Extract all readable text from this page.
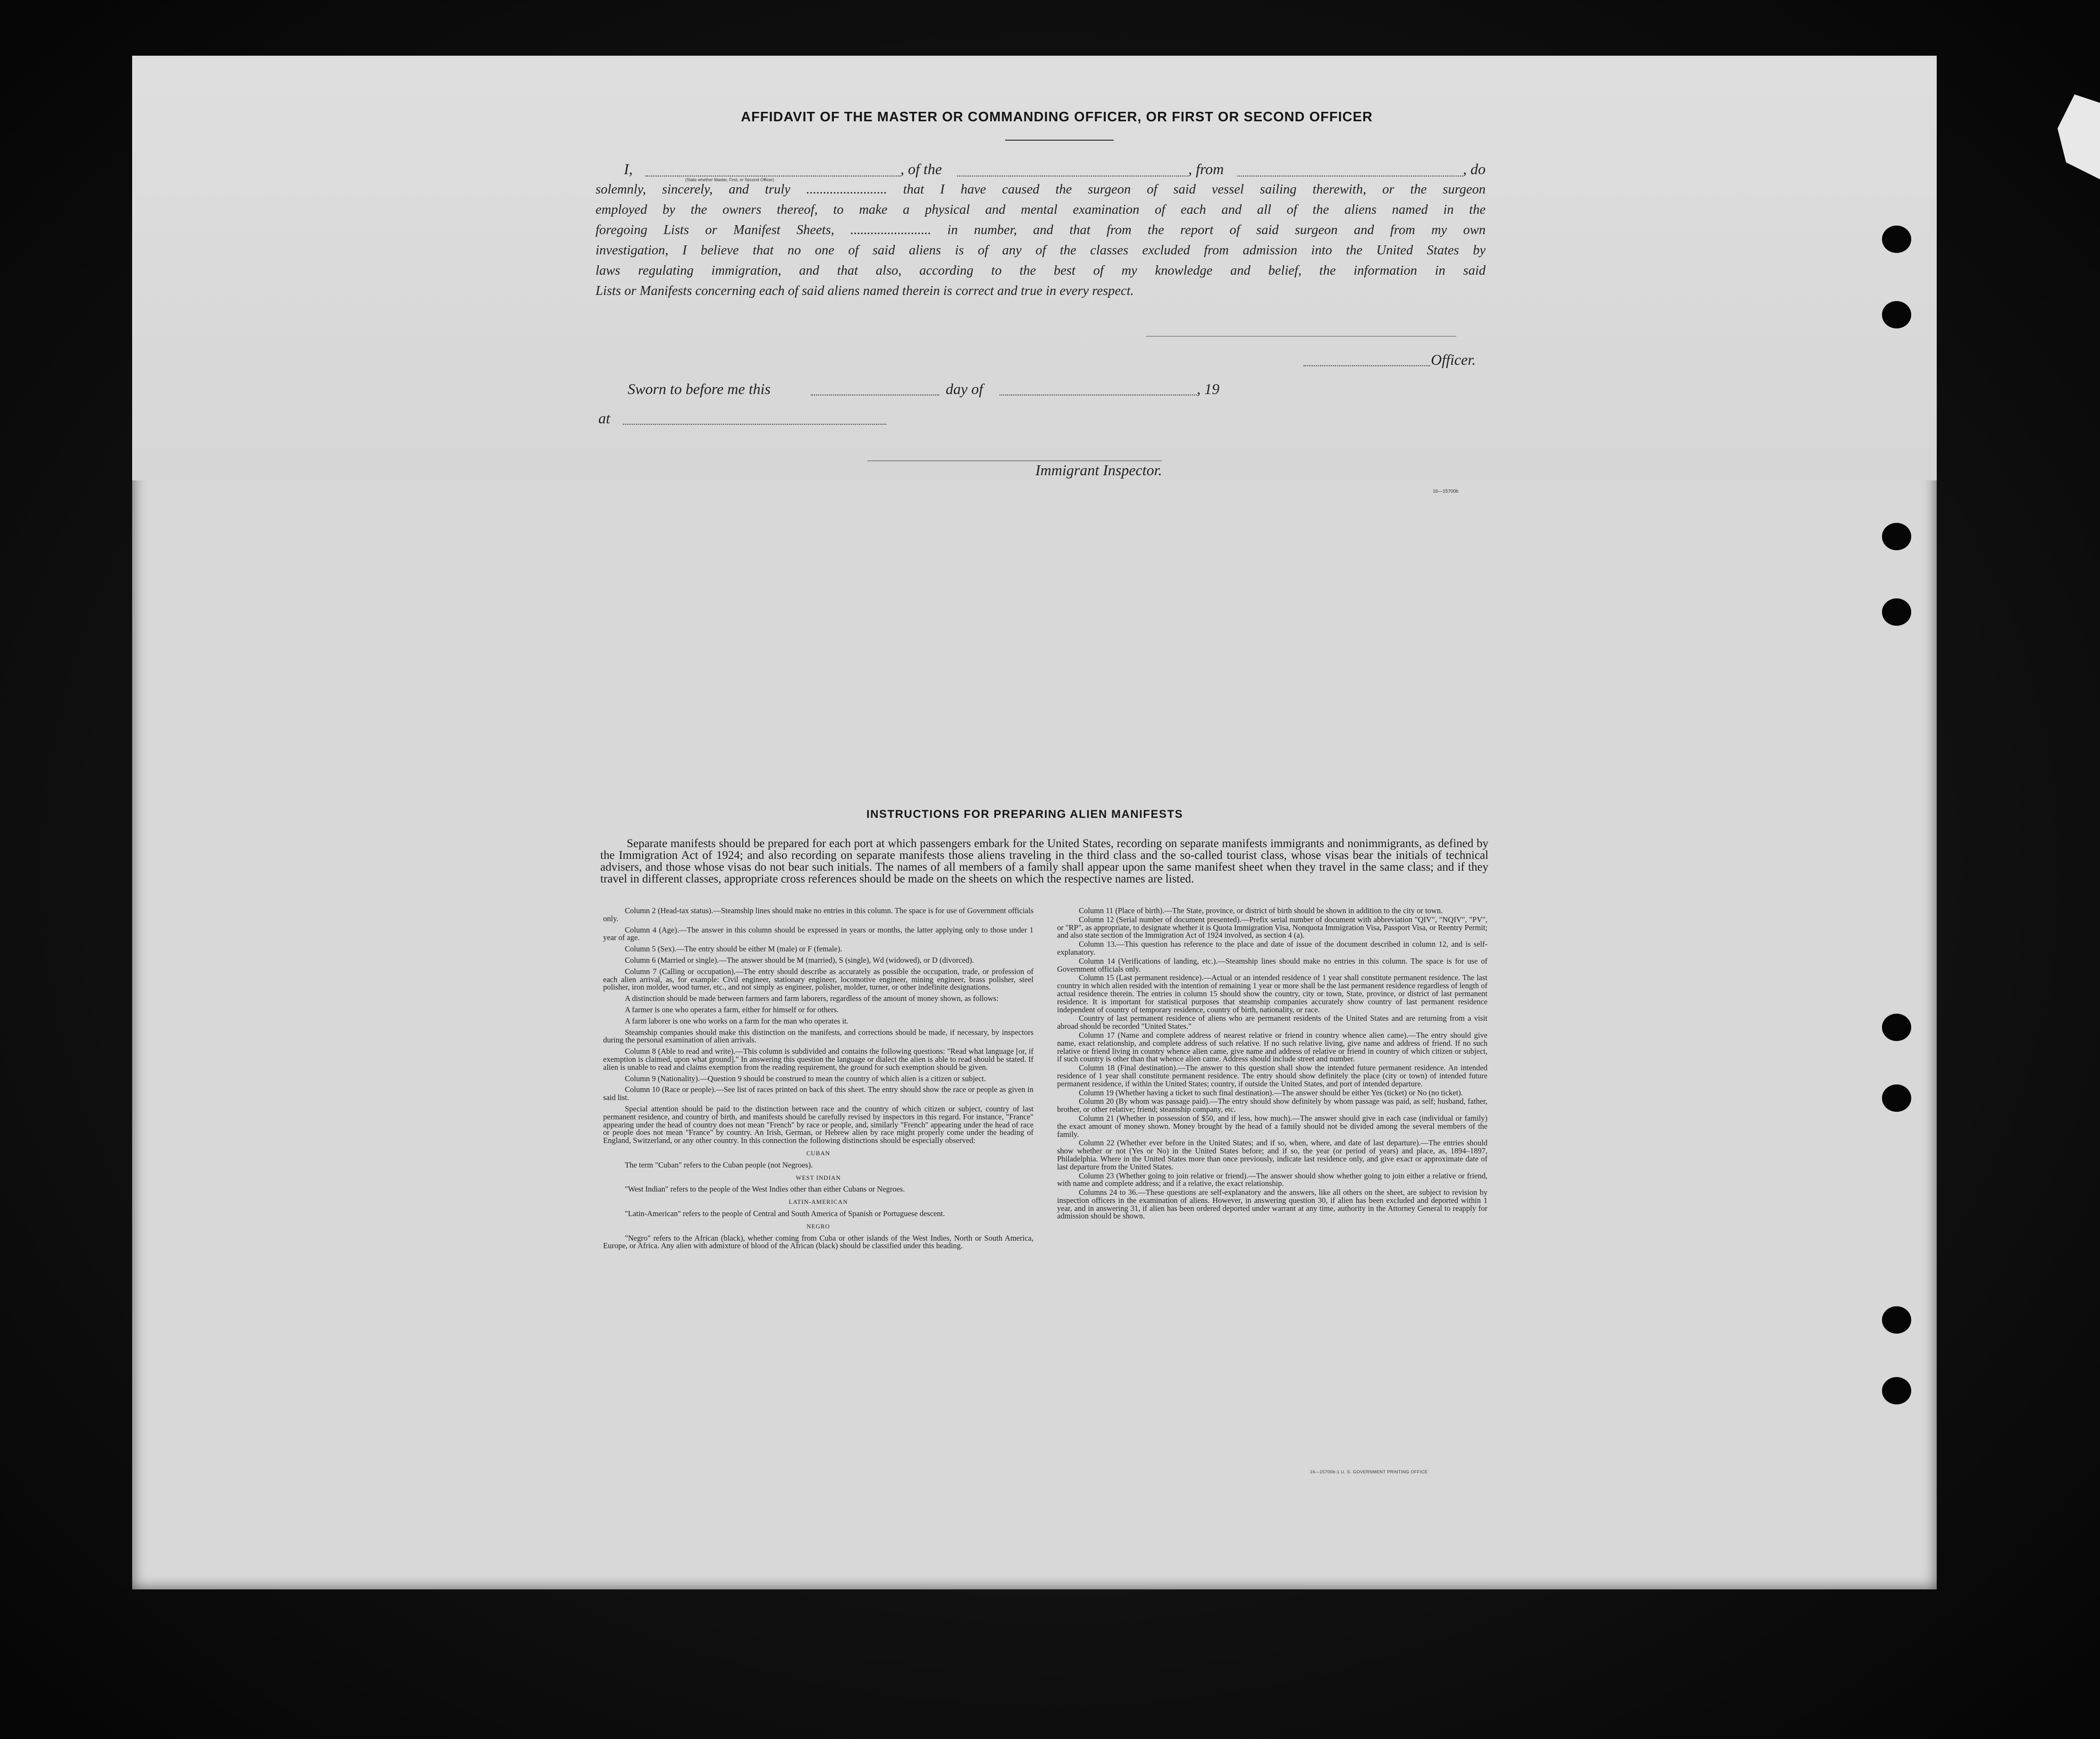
AFFIDAVIT OF THE MASTER OR COMMANDING OFFICER, OR FIRST OR SECOND OFFICER
I,
(State whether Master, First, or Second Officer)
, of the	, from	, do
solemnly, sincerely, and truly ........................ that I have caused the surgeon of said vessel sailing therewith, or the surgeon
employed by the owners thereof, to make a physical and mental examination of each and all of the aliens named in the
foregoing Lists or Manifest Sheets, ........................ in number, and that from the report of said surgeon and from my own
investigation, I believe that no one of said aliens is of any of the classes excluded from admission into the United States by
laws regulating immigration, and that also, according to the best of my knowledge and belief, the information in said
Lists or Manifests concerning each of said aliens named therein is correct and true in every respect.
Officer.
Sworn to before me this	day of	, 19
at
Immigrant Inspector.
16—15700b
INSTRUCTIONS FOR PREPARING ALIEN MANIFESTS
Separate manifests should be prepared for each port at which passengers embark for the United States, recording on separate manifests immigrants and nonimmigrants, as defined by the Immigration Act of 1924; and also recording on separate manifests those aliens traveling in the third class and the so-called tourist class, whose visas bear the initials of technical advisers, and those whose visas do not bear such initials. The names of all members of a family shall appear upon the same manifest sheet when they travel in the same class; and if they travel in different classes, appropriate cross references should be made on the sheets on which the respective names are listed.

Column 2 (Head-tax status).—Steamship lines should make no entries in this column. The space is for use of Government officials only.

Column 4 (Age).—The answer in this column should be expressed in years or months, the latter applying only to those under 1 year of age.

Column 5 (Sex).—The entry should be either M (male) or F (female).

Column 6 (Married or single).—The answer should be M (married), S (single), Wd (widowed), or D (divorced).

Column 7 (Calling or occupation).—The entry should describe as accurately as possible the occupation, trade, or profession of each alien arrival, as, for example: Civil engineer, stationary engineer, locomotive engineer, mining engineer, brass polisher, steel polisher, iron molder, wood turner, etc., and not simply as engineer, polisher, molder, turner, or other indefinite designations.

A distinction should be made between farmers and farm laborers, regardless of the amount of money shown, as follows:

A farmer is one who operates a farm, either for himself or for others.

A farm laborer is one who works on a farm for the man who operates it.

Steamship companies should make this distinction on the manifests, and corrections should be made, if necessary, by inspectors during the personal examination of alien arrivals.

Column 8 (Able to read and write).—This column is subdivided and contains the following questions: "Read what language [or, if exemption is claimed, upon what ground]." In answering this question the language or dialect the alien is able to read should be stated. If alien is unable to read and claims exemption from the reading requirement, the ground for such exemption should be given.

Column 9 (Nationality).—Question 9 should be construed to mean the country of which alien is a citizen or subject.

Column 10 (Race or people).—See list of races printed on back of this sheet. The entry should show the race or people as given in said list.

Special attention should be paid to the distinction between race and the country of which citizen or subject, country of last permanent residence, and country of birth, and manifests should be carefully revised by inspectors in this regard. For instance, "France" appearing under the head of country does not mean "French" by race or people, and, similarly "French" appearing under the head of race or people does not mean "France" by country. An Irish, German, or Hebrew alien by race might properly come under the heading of England, Switzerland, or any other country. In this connection the following distinctions should be especially observed:

CUBAN

The term "Cuban" refers to the Cuban people (not Negroes).

WEST INDIAN

"West Indian" refers to the people of the West Indies other than either Cubans or Negroes.

LATIN-AMERICAN

"Latin-American" refers to the people of Central and South America of Spanish or Portuguese descent.

NEGRO

"Negro" refers to the African (black), whether coming from Cuba or other islands of the West Indies, North or South America, Europe, or Africa. Any alien with admixture of blood of the African (black) should be classified under this heading.

Column 11 (Place of birth).—The State, province, or district of birth should be shown in addition to the city or town.

Column 12 (Serial number of document presented).—Prefix serial number of document with abbreviation "QIV", "NQIV", "PV", or "RP", as appropriate, to designate whether it is Quota Immigration Visa, Nonquota Immigration Visa, Passport Visa, or Reentry Permit; and also state section of the Immigration Act of 1924 involved, as section 4 (a).

Column 13.—This question has reference to the place and date of issue of the document described in column 12, and is self-explanatory.

Column 14 (Verifications of landing, etc.).—Steamship lines should make no entries in this column. The space is for use of Government officials only.

Column 15 (Last permanent residence).—Actual or an intended residence of 1 year shall constitute permanent residence. The last country in which alien resided with the intention of remaining 1 year or more shall be the last permanent residence regardless of length of actual residence therein. The entries in column 15 should show the country, city or town, State, province, or district of last permanent residence. It is important for statistical purposes that steamship companies accurately show country of last permanent residence independent of country of temporary residence, country of birth, nationality, or race.

Country of last permanent residence of aliens who are permanent residents of the United States and are returning from a visit abroad should be recorded "United States."

Column 17 (Name and complete address of nearest relative or friend in country whence alien came).—The entry should give name, exact relationship, and complete address of such relative. If no such relative living, give name and address of friend. If no such relative or friend living in country whence alien came, give name and address of relative or friend in country of which citizen or subject, if such country is other than that whence alien came. Address should include street and number.

Column 18 (Final destination).—The answer to this question shall show the intended future permanent residence. An intended residence of 1 year shall constitute permanent residence. The entry should show definitely the place (city or town) of intended future permanent residence, if within the United States; country, if outside the United States, and port of intended departure.

Column 19 (Whether having a ticket to such final destination).—The answer should be either Yes (ticket) or No (no ticket).

Column 20 (By whom was passage paid).—The entry should show definitely by whom passage was paid, as self; husband, father, brother, or other relative; friend; steamship company, etc.

Column 21 (Whether in possession of $50, and if less, how much).—The answer should give in each case (individual or family) the exact amount of money shown. Money brought by the head of a family should not be divided among the several members of the family.

Column 22 (Whether ever before in the United States; and if so, when, where, and date of last departure).—The entries should show whether or not (Yes or No) in the United States before; and if so, the year (or period of years) and place, as, 1894–1897, Philadelphia. Where in the United States more than once previously, indicate last residence only, and give exact or approximate date of last departure from the United States.

Column 23 (Whether going to join relative or friend).—The answer should show whether going to join either a relative or friend, with name and complete address; and if a relative, the exact relationship.

Columns 24 to 36.—These questions are self-explanatory and the answers, like all others on the sheet, are subject to revision by inspection officers in the examination of aliens. However, in answering question 30, if alien has been excluded and deported within 1 year, and in answering 31, if alien has been ordered deported under warrant at any time, authority in the Attorney General to reapply for admission should be shown.

16—15700b-1 U. S. GOVERNMENT PRINTING OFFICE
